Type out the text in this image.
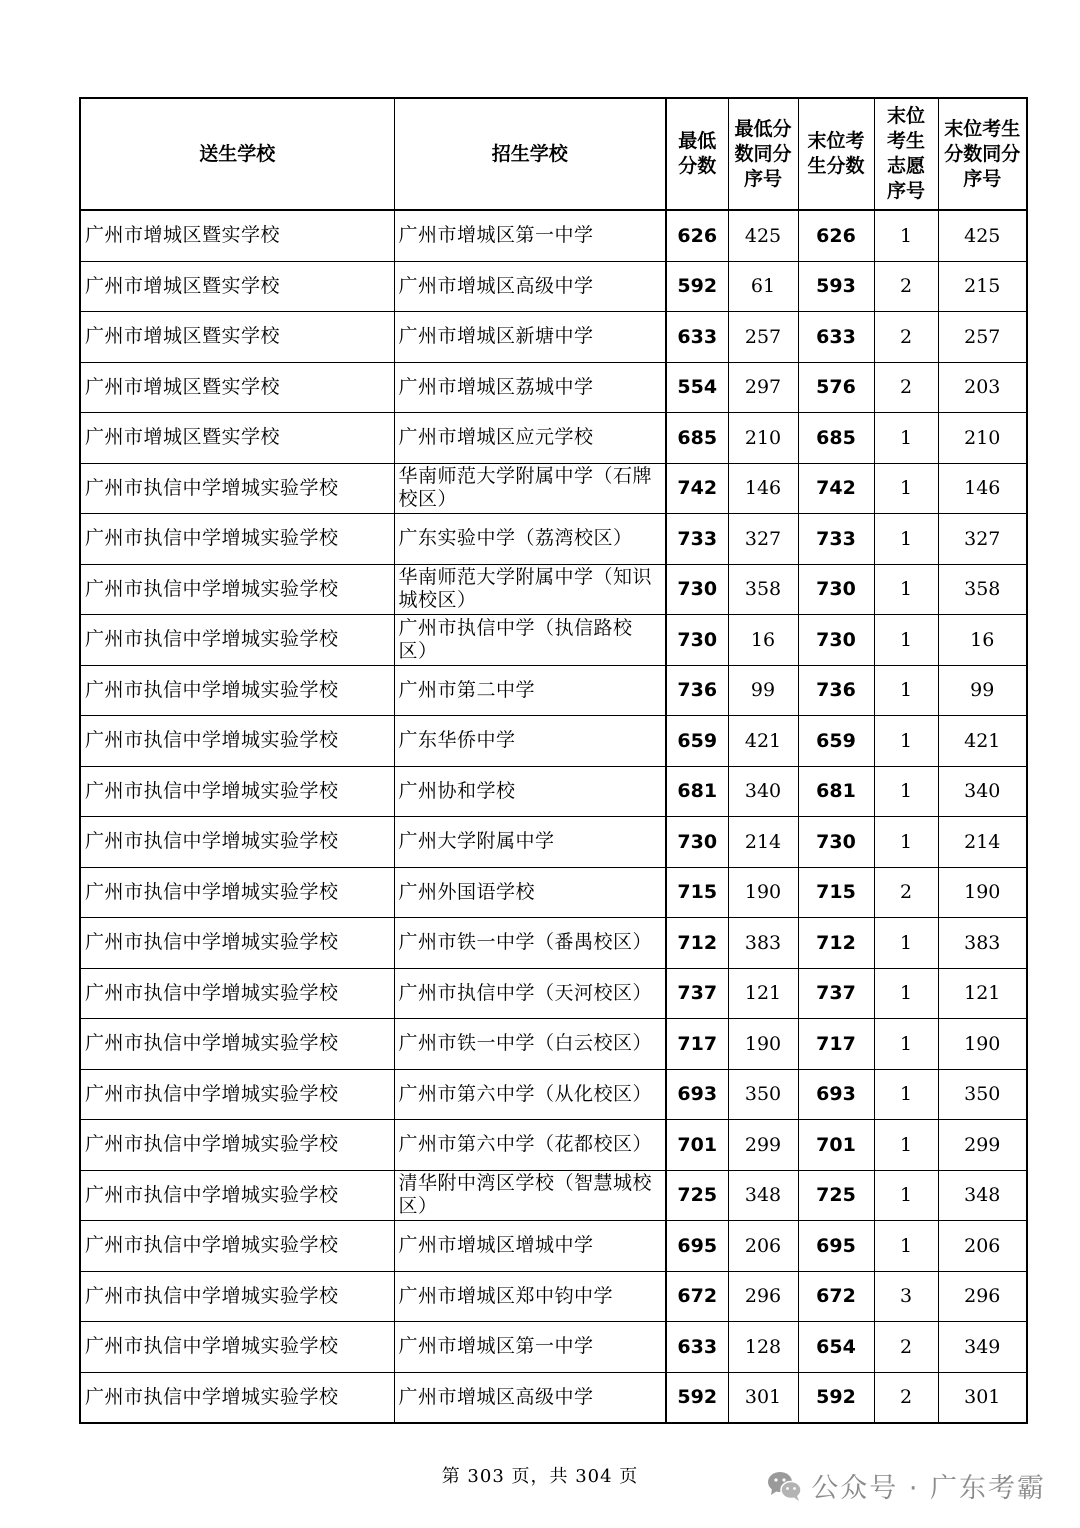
送生学校	招生学校	最低分数	最低分数同分序号	末位考生分数	末位考生志愿序号	末位考生分数同分序号
广州市增城区暨实学校	广州市增城区第一中学	626	425	626	1	425
广州市增城区暨实学校	广州市增城区高级中学	592	61	593	2	215
广州市增城区暨实学校	广州市增城区新塘中学	633	257	633	2	257
广州市增城区暨实学校	广州市增城区荔城中学	554	297	576	2	203
广州市增城区暨实学校	广州市增城区应元学校	685	210	685	1	210
广州市执信中学增城实验学校	华南师范大学附属中学（石牌校区）	742	146	742	1	146
广州市执信中学增城实验学校	广东实验中学（荔湾校区）	733	327	733	1	327
广州市执信中学增城实验学校	华南师范大学附属中学（知识城校区）	730	358	730	1	358
广州市执信中学增城实验学校	广州市执信中学（执信路校区）	730	16	730	1	16
广州市执信中学增城实验学校	广州市第二中学	736	99	736	1	99
广州市执信中学增城实验学校	广东华侨中学	659	421	659	1	421
广州市执信中学增城实验学校	广州协和学校	681	340	681	1	340
广州市执信中学增城实验学校	广州大学附属中学	730	214	730	1	214
广州市执信中学增城实验学校	广州外国语学校	715	190	715	2	190
广州市执信中学增城实验学校	广州市铁一中学（番禺校区）	712	383	712	1	383
广州市执信中学增城实验学校	广州市执信中学（天河校区）	737	121	737	1	121
广州市执信中学增城实验学校	广州市铁一中学（白云校区）	717	190	717	1	190
广州市执信中学增城实验学校	广州市第六中学（从化校区）	693	350	693	1	350
广州市执信中学增城实验学校	广州市第六中学（花都校区）	701	299	701	1	299
广州市执信中学增城实验学校	清华附中湾区学校（智慧城校区）	725	348	725	1	348
广州市执信中学增城实验学校	广州市增城区增城中学	695	206	695	1	206
广州市执信中学增城实验学校	广州市增城区郑中钧中学	672	296	672	3	296
广州市执信中学增城实验学校	广州市增城区第一中学	633	128	654	2	349
广州市执信中学增城实验学校	广州市增城区高级中学	592	301	592	2	301
第 303 页，共 304 页	公众号 · 广东考霸
